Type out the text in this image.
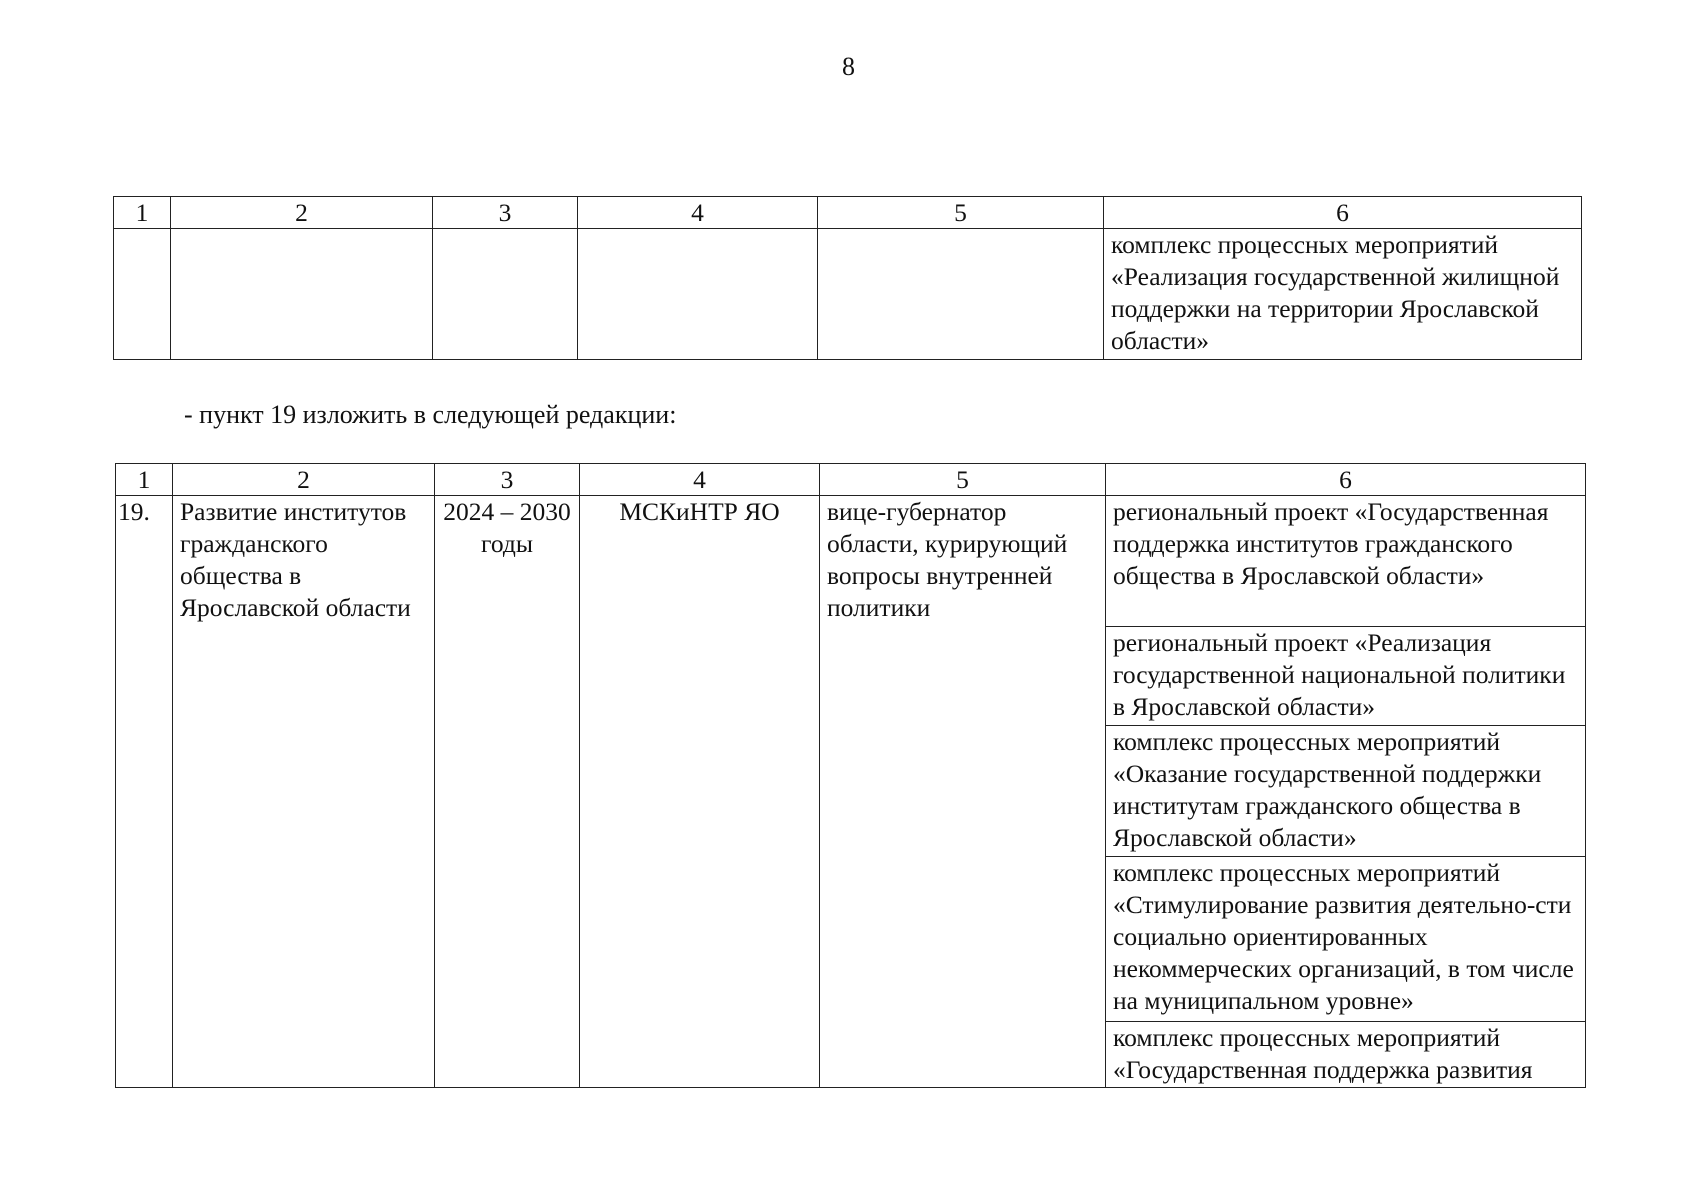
8
1	2	3	4	5	6
					комплекс процессных мероприятий «Реализация государственной жилищной поддержки на территории Ярославской области»
- пункт 19 изложить в следующей редакции:
1	2	3	4	5	6
19.	Развитие институтов гражданского общества в Ярославской области	2024 – 2030 годы	МСКиНТР ЯО	вице-губернатор области, курирующий вопросы внутренней политики	региональный проект «Государственная поддержка институтов гражданского общества в Ярославской области»
региональный проект «Реализация государственной национальной политики в Ярославской области»
комплекс процессных мероприятий «Оказание государственной поддержки институтам гражданского общества в Ярославской области»
комплекс процессных мероприятий «Стимулирование развития деятельно-сти социально ориентированных некоммерческих организаций, в том числе на муниципальном уровне»
комплекс процессных мероприятий «Государственная поддержка развития
